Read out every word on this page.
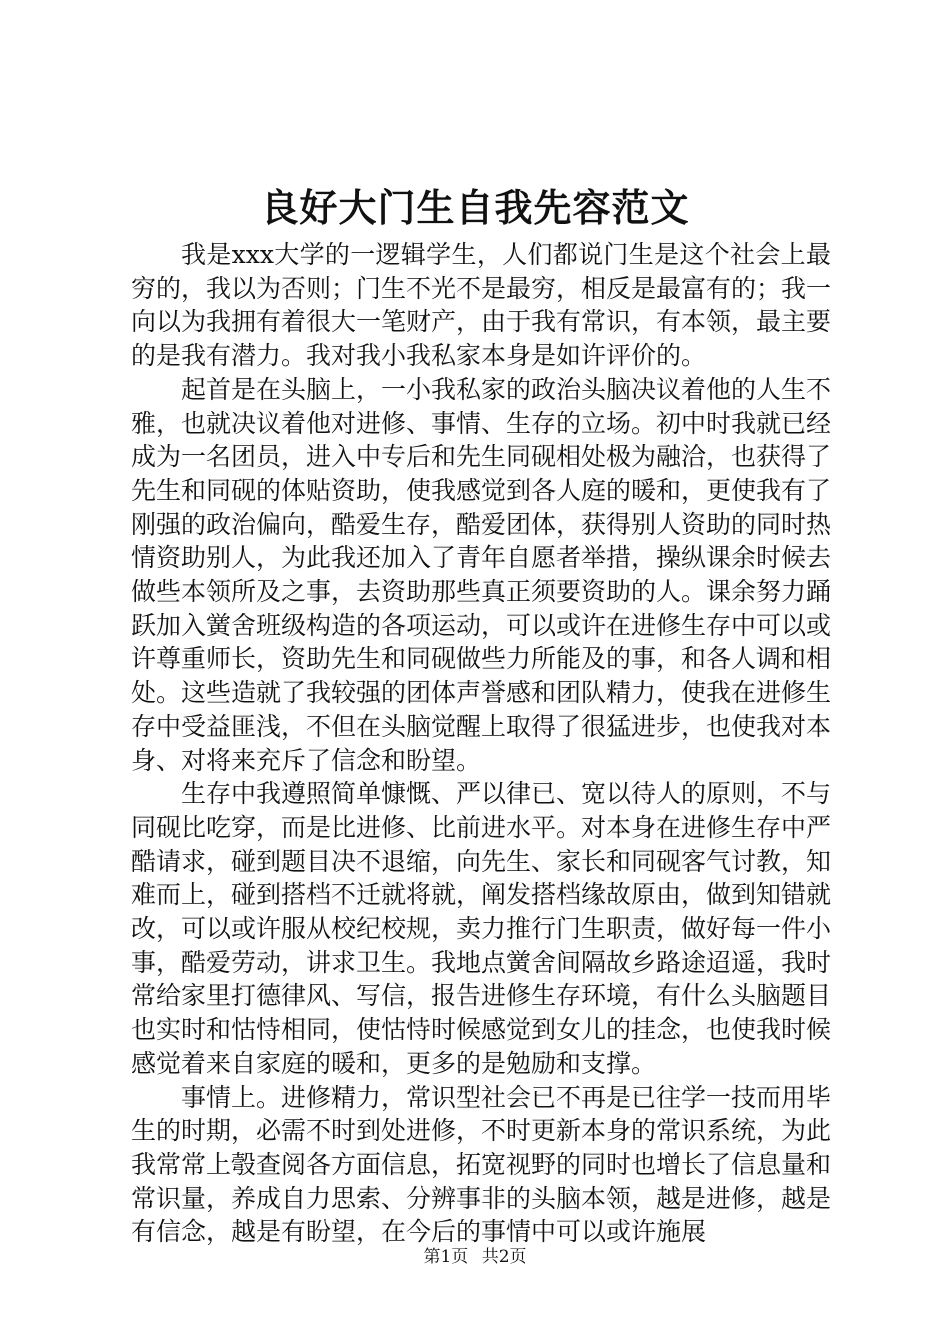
良好大门生自我先容范文

我是xxx大学的一逻辑学生，人们都说门生是这个社会上最穷的，我以为否则；门生不光不是最穷，相反是最富有的；我一向以为我拥有着很大一笔财产，由于我有常识，有本领，最主要的是我有潜力。我对我小我私家本身是如许评价的。

起首是在头脑上，一小我私家的政治头脑决议着他的人生不雅，也就决议着他对进修、事情、生存的立场。初中时我就已经成为一名团员，进入中专后和先生同砚相处极为融洽，也获得了先生和同砚的体贴资助，使我感觉到各人庭的暖和，更使我有了刚强的政治偏向，酷爱生存，酷爱团体，获得别人资助的同时热情资助别人，为此我还加入了青年自愿者举措，操纵课余时候去做些本领所及之事，去资助那些真正须要资助的人。课余努力踊跃加入黉舍班级构造的各项运动，可以或许在进修生存中可以或许尊重师长，资助先生和同砚做些力所能及的事，和各人调和相处。这些造就了我较强的团体声誉感和团队精力，使我在进修生存中受益匪浅，不但在头脑觉醒上取得了很猛进步，也使我对本身、对将来充斥了信念和盼望。

生存中我遵照简单慷慨、严以律已、宽以待人的原则，不与同砚比吃穿，而是比进修、比前进水平。对本身在进修生存中严酷请求，碰到题目决不退缩，向先生、家长和同砚客气讨教，知难而上，碰到搭档不迁就将就，阐发搭档缘故原由，做到知错就改，可以或许服从校纪校规，卖力推行门生职责，做好每一件小事，酷爱劳动，讲求卫生。我地点黉舍间隔故乡路途迢遥，我时常给家里打德律风、写信，报告进修生存环境，有什么头脑题目也实时和怙恃相同，使怙恃时候感觉到女儿的挂念，也使我时候感觉着来自家庭的暖和，更多的是勉励和支撑。

事情上。进修精力，常识型社会已不再是已往学一技而用毕生的时期，必需不时到处进修，不时更新本身的常识系统，为此我常常上彀查阅各方面信息，拓宽视野的同时也增长了信息量和常识量，养成自力思索、分辨事非的头脑本领，越是进修，越是有信念，越是有盼望，在今后的事情中可以或许施展

第1页 共2页
